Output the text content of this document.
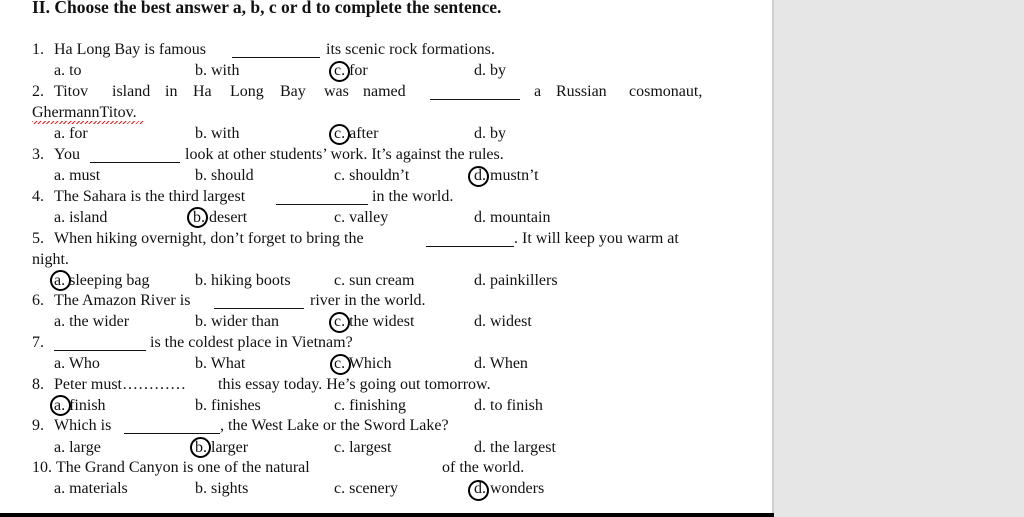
II. Choose the best answer a, b, c or d to complete the sentence.
1. Ha Long Bay is famous	its scenic rock formations.
a. to	b. with	c. for	d. by
2. Titov island in Ha Long Bay was named	a Russian cosmonaut,
GhermannTitov.
a. for	b. with	c. after	d. by
3. You	look at other students’ work. It’s against the rules.
a. must	b. should	c. shouldn’t	d. mustn’t
4. The Sahara is the third largest	in the world.
a. island	b. desert	c. valley	d. mountain
5. When hiking overnight, don’t forget to bring the	. It will keep you warm at
night.
a. sleeping bag	b. hiking boots	c. sun cream	d. painkillers
6. The Amazon River is	river in the world.
a. the wider	b. wider than	c. the widest	d. widest
7.	is the coldest place in Vietnam?
a. Who	b. What	c. Which	d. When
8. Peter must………… this essay today. He’s going out tomorrow.
a. finish	b. finishes	c. finishing	d. to finish
9. Which is	, the West Lake or the Sword Lake?
a. large	b. larger	c. largest	d. the largest
10. The Grand Canyon is one of the natural	of the world.
a. materials	b. sights	c. scenery	d. wonders
